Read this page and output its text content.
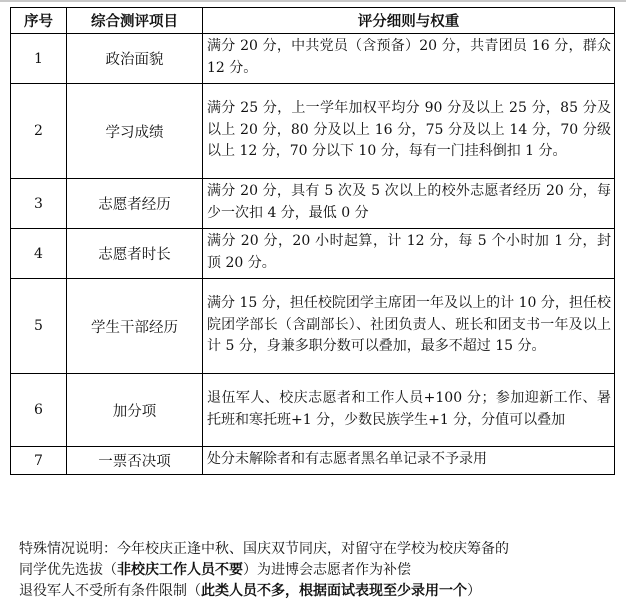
序号	综合测评项目	评分细则与权重
1	政治面貌	满分 20 分，中共党员（含预备）20 分，共青团员 16 分，群众 12 分。
2	学习成绩	满分 25 分，上一学年加权平均分 90 分及以上 25 分，85 分及以上 20 分，80 分及以上 16 分，75 分及以上 14 分，70 分级以上 12 分，70 分以下 10 分，每有一门挂科倒扣 1 分。
3	志愿者经历	满分 20 分，具有 5 次及 5 次以上的校外志愿者经历 20 分，每少一次扣 4 分，最低 0 分
4	志愿者时长	满分 20 分，20 小时起算，计 12 分，每 5 个小时加 1 分，封顶 20 分。
5	学生干部经历	满分 15 分，担任校院团学主席团一年及以上的计 10 分，担任校院团学部长（含副部长）、社团负责人、班长和团支书一年及以上计 5 分，身兼多职分数可以叠加，最多不超过 15 分。
6	加分项	退伍军人、校庆志愿者和工作人员+100 分；参加迎新工作、暑托班和寒托班+1 分，少数民族学生+1 分，分值可以叠加
7	一票否决项	处分未解除者和有志愿者黑名单记录不予录用
特殊情况说明：今年校庆正逢中秋、国庆双节同庆，对留守在学校为校庆筹备的
同学优先选拔（非校庆工作人员不要）为进博会志愿者作为补偿
退役军人不受所有条件限制（此类人员不多，根据面试表现至少录用一个）
